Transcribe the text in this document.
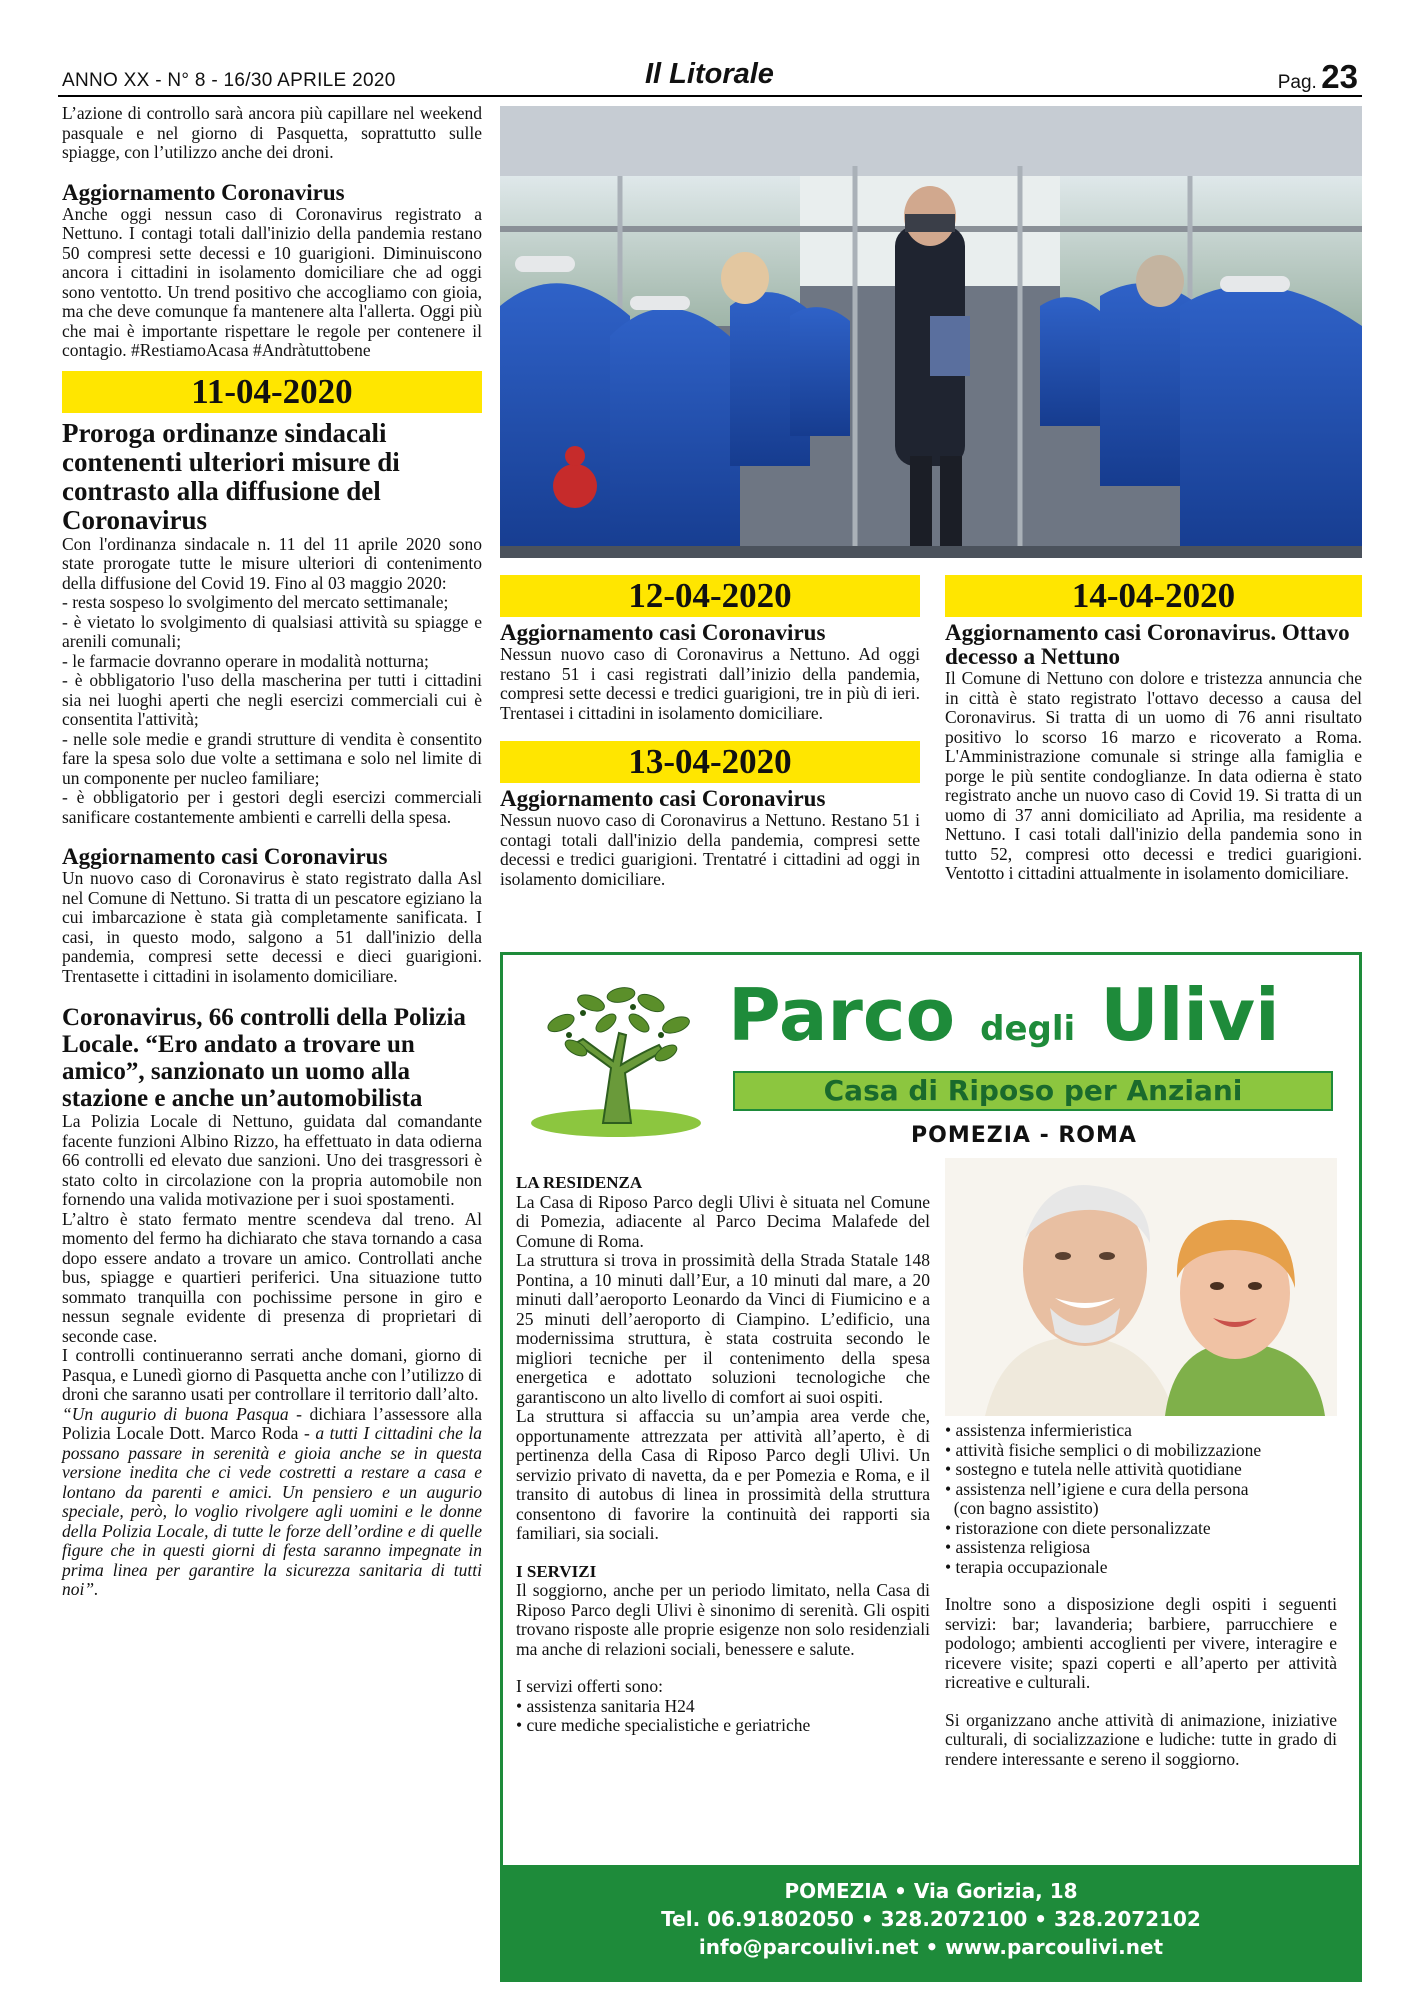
ANNO XX - N° 8 - 16/30 APRILE 2020	Il Litorale	Pag. 23

L’azione di controllo sarà ancora più capillare nel weekend pasquale e nel giorno di Pasquetta, soprattutto sulle spiagge, con l’utilizzo anche dei droni.

Aggiornamento Coronavirus

Anche oggi nessun caso di Coronavirus registrato a Nettuno. I contagi totali dall'inizio della pandemia restano 50 compresi sette decessi e 10 guarigioni. Diminuiscono ancora i cittadini in isolamento domiciliare che ad oggi sono ventotto. Un trend positivo che accogliamo con gioia, ma che deve comunque fa mantenere alta l'allerta. Oggi più che mai è importante rispettare le regole per contenere il contagio. #RestiamoAcasa #Andràtuttobene

11-04-2020
Proroga ordinanze sindacali contenenti ulteriori misure di contrasto alla diffusione del Coronavirus

Con l'ordinanza sindacale n. 11 del 11 aprile 2020 sono state prorogate tutte le misure ulteriori di contenimento della diffusione del Covid 19. Fino al 03 maggio 2020:

- resta sospeso lo svolgimento del mercato settimanale;

- è vietato lo svolgimento di qualsiasi attività su spiagge e arenili comunali;

- le farmacie dovranno operare in modalità notturna;

- è obbligatorio l'uso della mascherina per tutti i cittadini sia nei luoghi aperti che negli esercizi commerciali cui è consentita l'attività;

- nelle sole medie e grandi strutture di vendita è consentito fare la spesa solo due volte a settimana e solo nel limite di un componente per nucleo familiare;

- è obbligatorio per i gestori degli esercizi commerciali sanificare costantemente ambienti e carrelli della spesa.

Aggiornamento casi Coronavirus

Un nuovo caso di Coronavirus è stato registrato dalla Asl nel Comune di Nettuno. Si tratta di un pescatore egiziano la cui imbarcazione è stata già completamente sanificata. I casi, in questo modo, salgono a 51 dall'inizio della pandemia, compresi sette decessi e dieci guarigioni. Trentasette i cittadini in isolamento domiciliare.

Coronavirus, 66 controlli della Polizia Locale. “Ero andato a trovare un amico”, sanzionato un uomo alla stazione e anche un’automobilista

La Polizia Locale di Nettuno, guidata dal comandante facente funzioni Albino Rizzo, ha effettuato in data odierna 66 controlli ed elevato due sanzioni. Uno dei trasgressori è stato colto in circolazione con la propria automobile non fornendo una valida motivazione per i suoi spostamenti.

L’altro è stato fermato mentre scendeva dal treno. Al momento del fermo ha dichiarato che stava tornando a casa dopo essere andato a trovare un amico. Controllati anche bus, spiagge e quartieri periferici. Una situazione tutto sommato tranquilla con pochissime persone in giro e nessun segnale evidente di presenza di proprietari di seconde case.

I controlli continueranno serrati anche domani, giorno di Pasqua, e Lunedì giorno di Pasquetta anche con l’utilizzo di droni che saranno usati per controllare il territorio dall’alto.

“Un augurio di buona Pasqua - dichiara l’assessore alla Polizia Locale Dott. Marco Roda - a tutti I cittadini che la possano passare in serenità e gioia anche se in questa versione inedita che ci vede costretti a restare a casa e lontano da parenti e amici. Un pensiero e un augurio speciale, però, lo voglio rivolgere agli uomini e le donne della Polizia Locale, di tutte le forze dell’ordine e di quelle figure che in questi giorni di festa saranno impegnate in prima linea per garantire la sicurezza sanitaria di tutti noi”.

12-04-2020
Aggiornamento casi Coronavirus

Nessun nuovo caso di Coronavirus a Nettuno. Ad oggi restano 51 i casi registrati dall’inizio della pandemia, compresi sette decessi e tredici guarigioni, tre in più di ieri. Trentasei i cittadini in isolamento domiciliare.

13-04-2020
Aggiornamento casi Coronavirus

Nessun nuovo caso di Coronavirus a Nettuno. Restano 51 i contagi totali dall'inizio della pandemia, compresi sette decessi e tredici guarigioni. Trentatré i cittadini ad oggi in isolamento domiciliare.

14-04-2020
Aggiornamento casi Coronavirus. Ottavo decesso a Nettuno

Il Comune di Nettuno con dolore e tristezza annuncia che in città è stato registrato l'ottavo decesso a causa del Coronavirus. Si tratta di un uomo di 76 anni risultato positivo lo scorso 16 marzo e ricoverato a Roma. L'Amministrazione comunale si stringe alla famiglia e porge le più sentite condoglianze. In data odierna è stato registrato anche un nuovo caso di Covid 19. Si tratta di un uomo di 37 anni domiciliato ad Aprilia, ma residente a Nettuno. I casi totali dall'inizio della pandemia sono in tutto 52, compresi otto decessi e tredici guarigioni. Ventotto i cittadini attualmente in isolamento domiciliare.

Parco degli Ulivi
Casa di Riposo per Anziani
POMEZIA - ROMA
LA RESIDENZA

La Casa di Riposo Parco degli Ulivi è situata nel Comune di Pomezia, adiacente al Parco Decima Malafede del Comune di Roma.

La struttura si trova in prossimità della Strada Statale 148 Pontina, a 10 minuti dall’Eur, a 10 minuti dal mare, a 20 minuti dall’aeroporto Leonardo da Vinci di Fiumicino e a 25 minuti dell’aeroporto di Ciampino. L’edificio, una modernissima struttura, è stata costruita secondo le migliori tecniche per il contenimento della spesa energetica e adottato soluzioni tecnologiche che garantiscono un alto livello di comfort ai suoi ospiti.

La struttura si affaccia su un’ampia area verde che, opportunamente attrezzata per attività all’aperto, è di pertinenza della Casa di Riposo Parco degli Ulivi. Un servizio privato di navetta, da e per Pomezia e Roma, e il transito di autobus di linea in prossimità della struttura consentono di favorire la continuità dei rapporti sia familiari, sia sociali.

I SERVIZI

Il soggiorno, anche per un periodo limitato, nella Casa di Riposo Parco degli Ulivi è sinonimo di serenità. Gli ospiti trovano risposte alle proprie esigenze non solo residenziali ma anche di relazioni sociali, benessere e salute.

I servizi offerti sono:

• assistenza sanitaria H24

• cure mediche specialistiche e geriatriche

• assistenza infermieristica

• attività fisiche semplici o di mobilizzazione

• sostegno e tutela nelle attività quotidiane

• assistenza nell’igiene e cura della persona

(con bagno assistito)

• ristorazione con diete personalizzate

• assistenza religiosa

• terapia occupazionale

Inoltre sono a disposizione degli ospiti i seguenti servizi: bar; lavanderia; barbiere, parrucchiere e podologo; ambienti accoglienti per vivere, interagire e ricevere visite; spazi coperti e all’aperto per attività ricreative e culturali.

Si organizzano anche attività di animazione, iniziative culturali, di socializzazione e ludiche: tutte in grado di rendere interessante e sereno il soggiorno.

POMEZIA • Via Gorizia, 18
Tel. 06.91802050 • 328.2072100 • 328.2072102
info@parcoulivi.net • www.parcoulivi.net
